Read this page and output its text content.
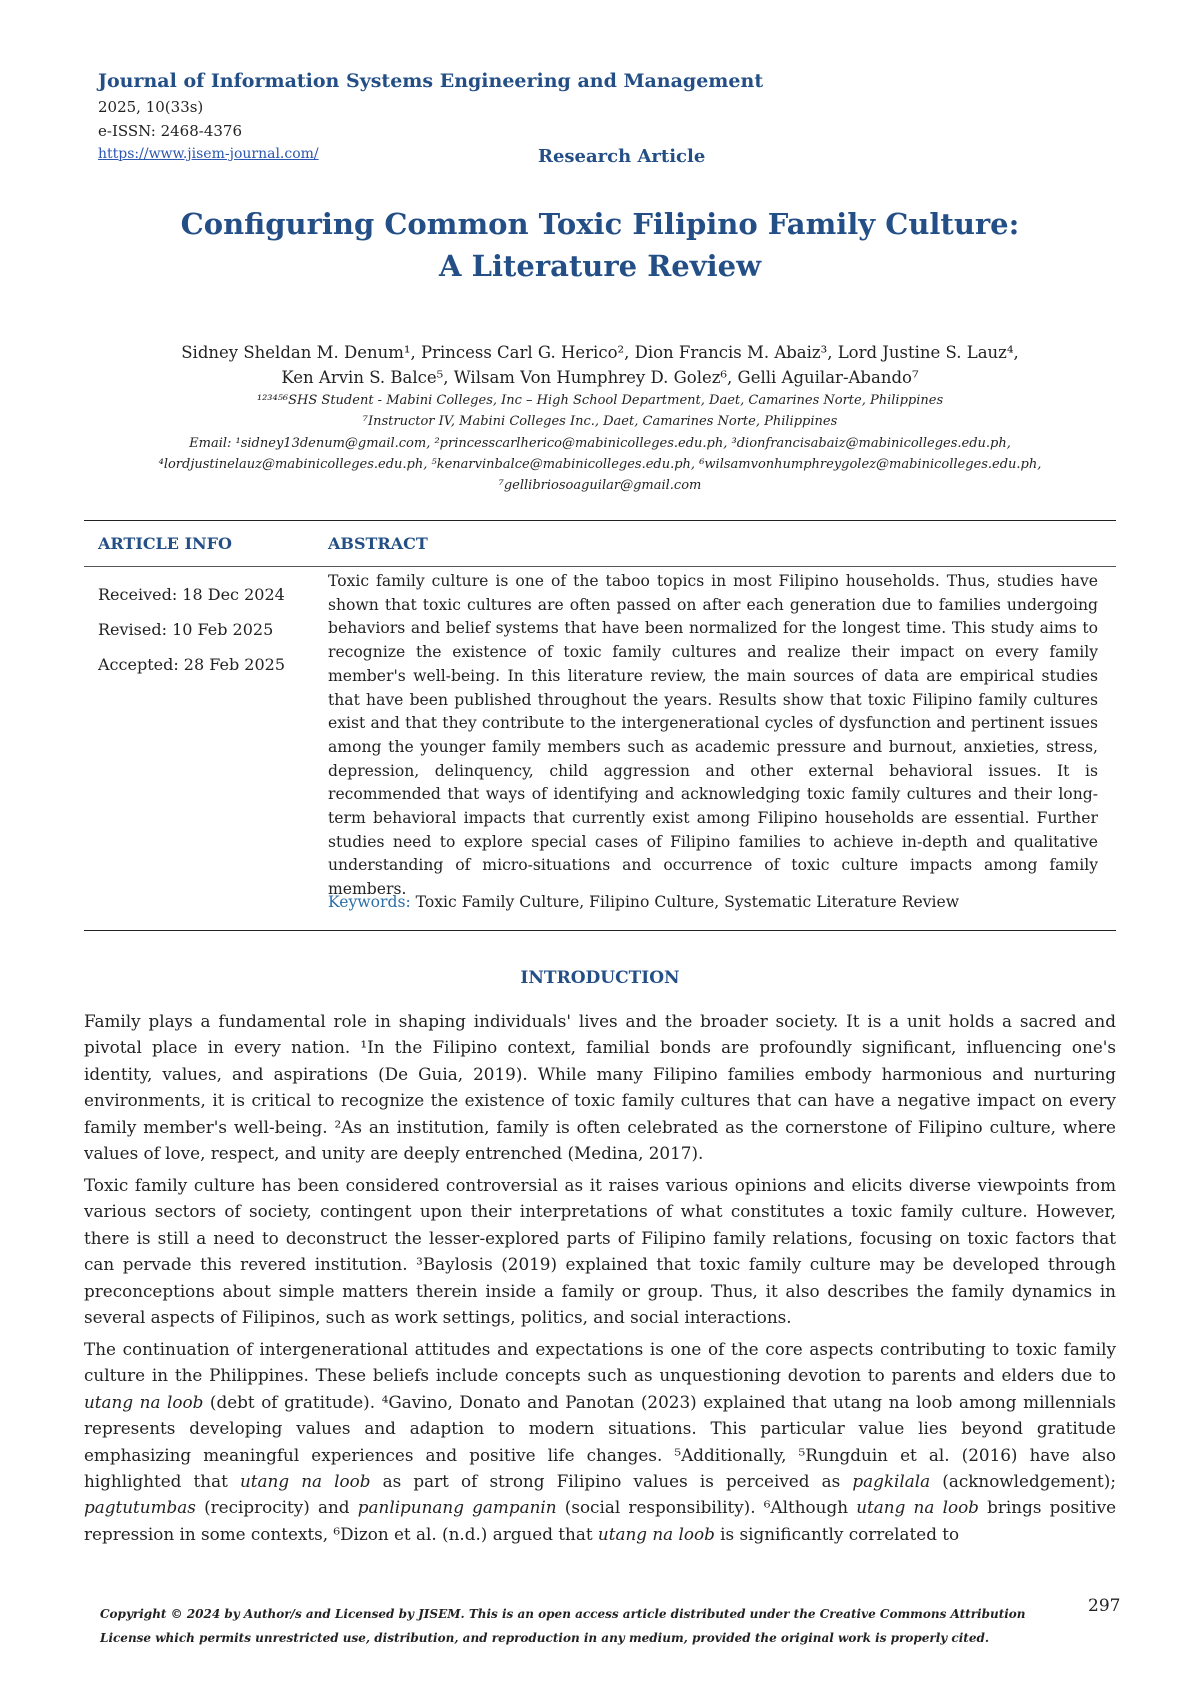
Journal of Information Systems Engineering and Management
2025, 10(33s)
e-ISSN: 2468-4376
https://www.jisem-journal.com/	Research Article
Configuring Common Toxic Filipino Family Culture:
A Literature Review
Sidney Sheldan M. Denum¹, Princess Carl G. Herico², Dion Francis M. Abaiz³, Lord Justine S. Lauz⁴,
Ken Arvin S. Balce⁵, Wilsam Von Humphrey D. Golez⁶, Gelli Aguilar-Abando⁷
¹²³⁴⁵⁶SHS Student - Mabini Colleges, Inc – High School Department, Daet, Camarines Norte, Philippines
⁷Instructor IV, Mabini Colleges Inc., Daet, Camarines Norte, Philippines
Email: ¹sidney13denum@gmail.com, ²princesscarlherico@mabinicolleges.edu.ph, ³dionfrancisabaiz@mabinicolleges.edu.ph,
⁴lordjustinelauz@mabinicolleges.edu.ph, ⁵kenarvinbalce@mabinicolleges.edu.ph, ⁶wilsamvonhumphreygolez@mabinicolleges.edu.ph,
⁷gellibriosoaguilar@gmail.com
ARTICLE INFO	ABSTRACT
Received: 18 Dec 2024
Revised: 10 Feb 2025
Accepted: 28 Feb 2025
Toxic family culture is one of the taboo topics in most Filipino households. Thus, studies have shown that toxic cultures are often passed on after each generation due to families undergoing behaviors and belief systems that have been normalized for the longest time. This study aims to recognize the existence of toxic family cultures and realize their impact on every family member's well-being. In this literature review, the main sources of data are empirical studies that have been published throughout the years. Results show that toxic Filipino family cultures exist and that they contribute to the intergenerational cycles of dysfunction and pertinent issues among the younger family members such as academic pressure and burnout, anxieties, stress, depression, delinquency, child aggression and other external behavioral issues. It is recommended that ways of identifying and acknowledging toxic family cultures and their long-term behavioral impacts that currently exist among Filipino households are essential. Further studies need to explore special cases of Filipino families to achieve in-depth and qualitative understanding of micro-situations and occurrence of toxic culture impacts among family members.
Keywords: Toxic Family Culture, Filipino Culture, Systematic Literature Review
INTRODUCTION
Family plays a fundamental role in shaping individuals' lives and the broader society. It is a unit holds a sacred and pivotal place in every nation. ¹In the Filipino context, familial bonds are profoundly significant, influencing one's identity, values, and aspirations (De Guia, 2019). While many Filipino families embody harmonious and nurturing environments, it is critical to recognize the existence of toxic family cultures that can have a negative impact on every family member's well-being. ²As an institution, family is often celebrated as the cornerstone of Filipino culture, where values of love, respect, and unity are deeply entrenched (Medina, 2017).
Toxic family culture has been considered controversial as it raises various opinions and elicits diverse viewpoints from various sectors of society, contingent upon their interpretations of what constitutes a toxic family culture. However, there is still a need to deconstruct the lesser-explored parts of Filipino family relations, focusing on toxic factors that can pervade this revered institution. ³Baylosis (2019) explained that toxic family culture may be developed through preconceptions about simple matters therein inside a family or group. Thus, it also describes the family dynamics in several aspects of Filipinos, such as work settings, politics, and social interactions.
The continuation of intergenerational attitudes and expectations is one of the core aspects contributing to toxic family culture in the Philippines. These beliefs include concepts such as unquestioning devotion to parents and elders due to utang na loob (debt of gratitude). ⁴Gavino, Donato and Panotan (2023) explained that utang na loob among millennials represents developing values and adaption to modern situations. This particular value lies beyond gratitude emphasizing meaningful experiences and positive life changes. ⁵Additionally, ⁵Rungduin et al. (2016) have also highlighted that utang na loob as part of strong Filipino values is perceived as pagkilala (acknowledgement); pagtutumbas (reciprocity) and panlipunang gampanin (social responsibility). ⁶Although utang na loob brings positive repression in some contexts, ⁶Dizon et al. (n.d.) argued that utang na loob is significantly correlated to
Copyright © 2024 by Author/s and Licensed by JISEM. This is an open access article distributed under the Creative Commons Attribution License which permits unrestricted use, distribution, and reproduction in any medium, provided the original work is properly cited.
297
